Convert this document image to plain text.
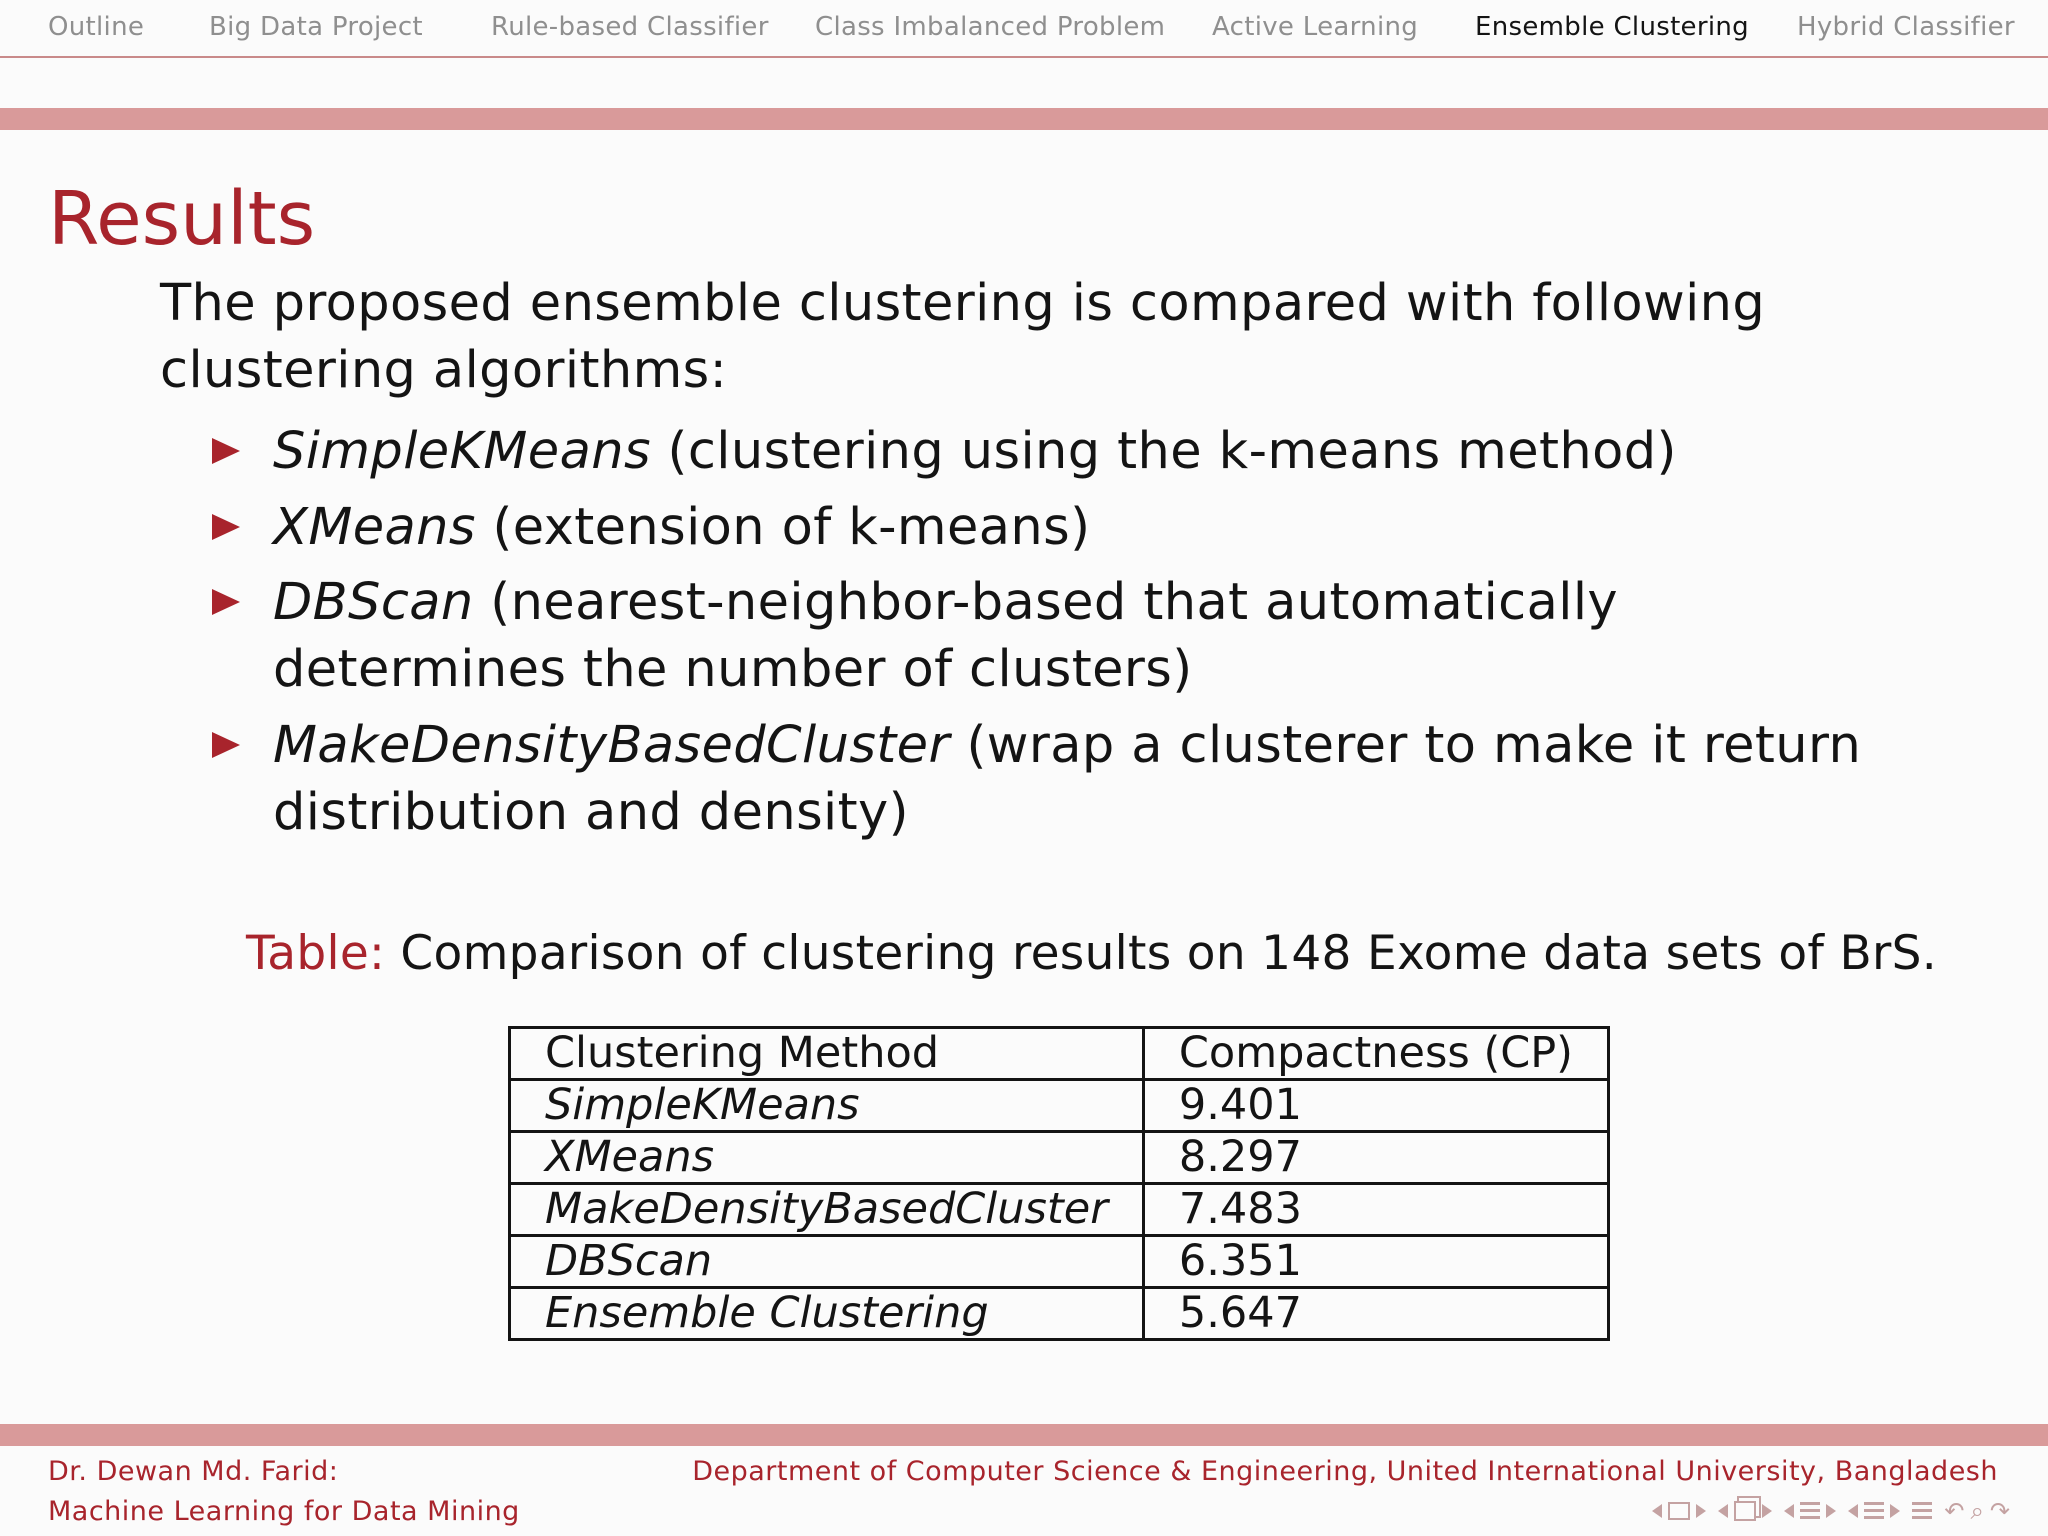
Outline Big Data Project	Rule-based Classifier Class Imbalanced Problem Active Learning Ensemble Clustering Hybrid Classifier
Results

The proposed ensemble clustering is compared with following clustering algorithms:

SimpleKMeans (clustering using the k-means method)
XMeans (extension of k-means)
DBScan (nearest-neighbor-based that automatically determines the number of clusters)
MakeDensityBasedCluster (wrap a clusterer to make it return distribution and density)
Table: Comparison of clustering results on 148 Exome data sets of BrS.
Clustering Method	Compactness (CP)
SimpleKMeans	9.401
XMeans	8.297
MakeDensityBasedCluster	7.483
DBScan	6.351
Ensemble Clustering	5.647
Dr. Dewan Md. Farid:
Machine Learning for Data Mining
Department of Computer Science & Engineering, United International University, Bangladesh
↶ ⌕ ↷
